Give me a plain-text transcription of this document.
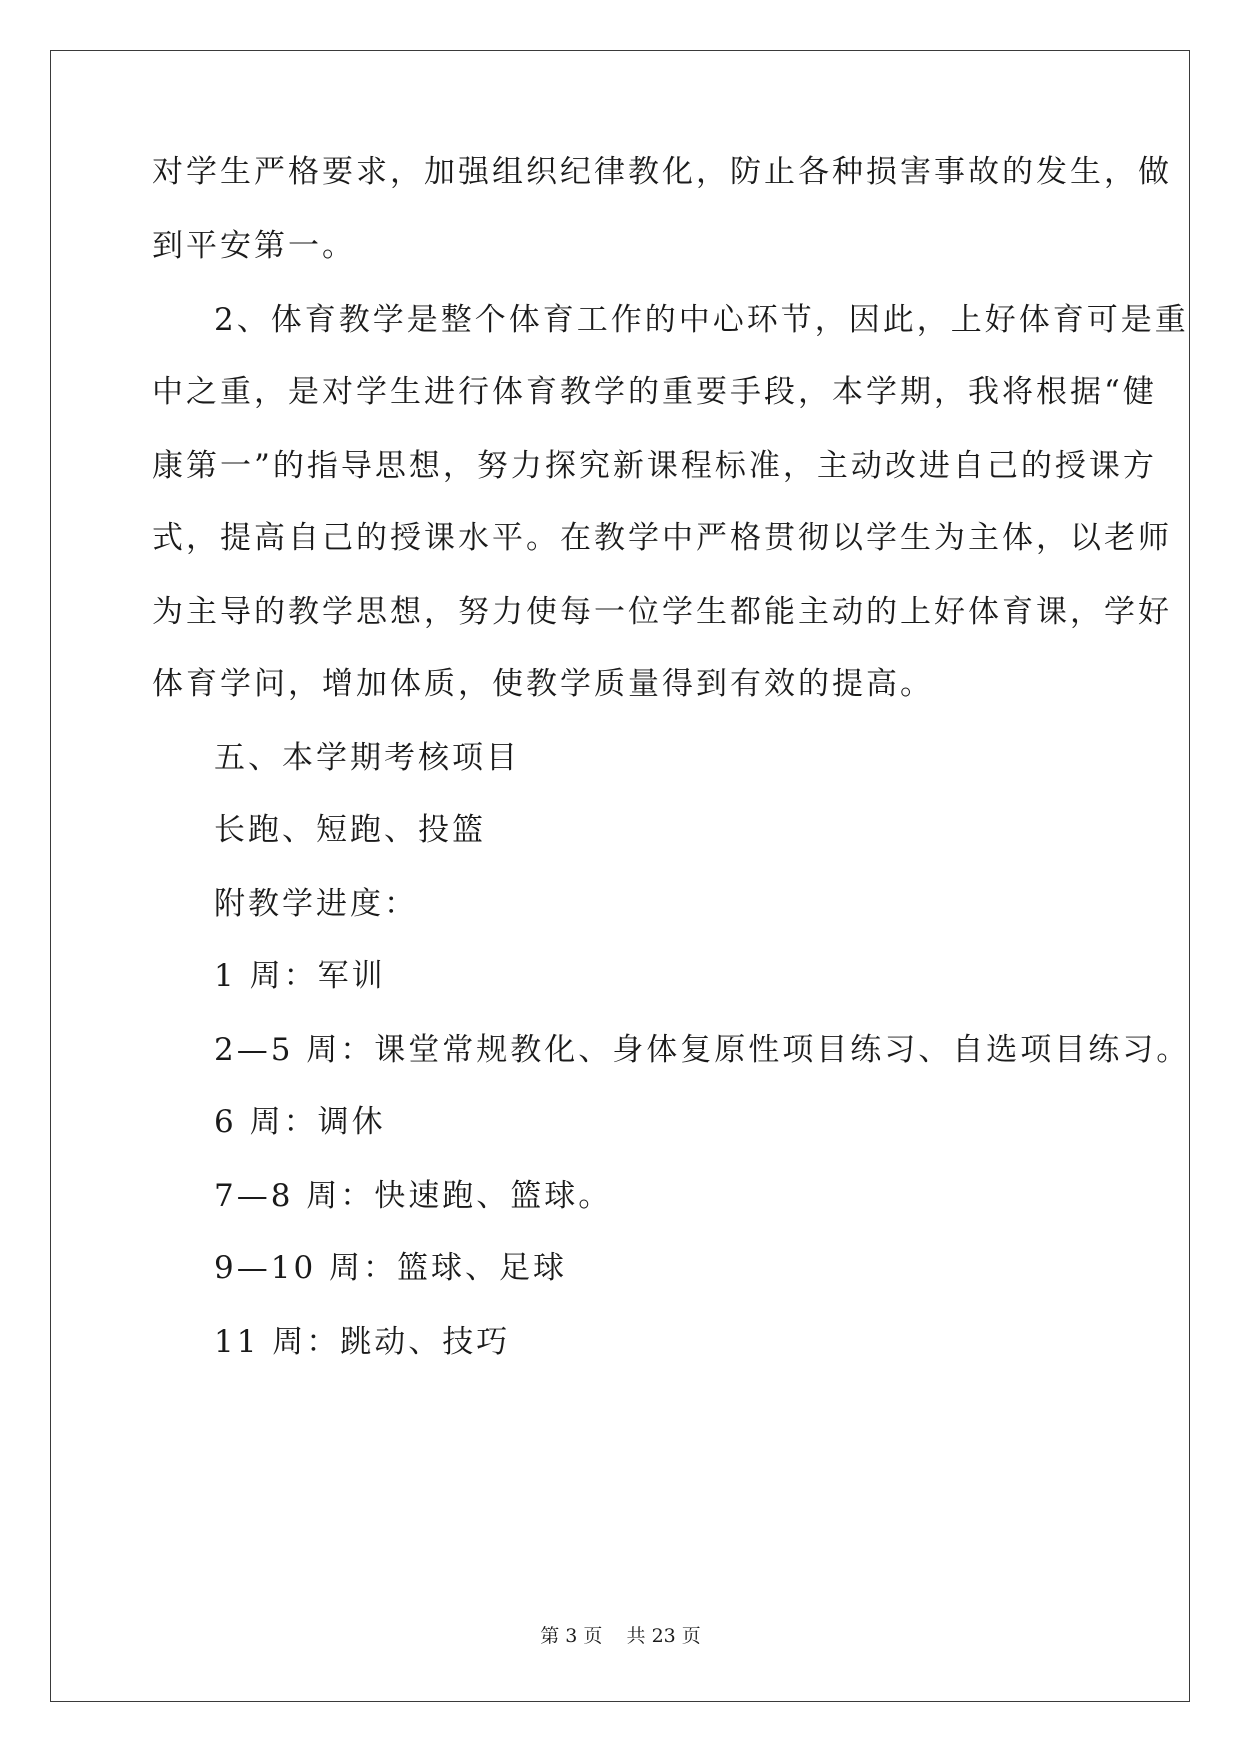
对学生严格要求，加强组织纪律教化，防止各种损害事故的发生，做
到平安第一。
2、体育教学是整个体育工作的中心环节，因此，上好体育可是重
中之重，是对学生进行体育教学的重要手段，本学期，我将根据“健
康第一”的指导思想，努力探究新课程标准，主动改进自己的授课方
式，提高自己的授课水平。在教学中严格贯彻以学生为主体，以老师
为主导的教学思想，努力使每一位学生都能主动的上好体育课，学好
体育学问，增加体质，使教学质量得到有效的提高。
五、本学期考核项目
长跑、短跑、投篮
附教学进度：
1 周：军训
2—5 周：课堂常规教化、身体复原性项目练习、自选项目练习。
6 周：调休
7—8 周：快速跑、篮球。
9—10 周：篮球、足球
11 周：跳动、技巧
第 3 页 共 23 页
